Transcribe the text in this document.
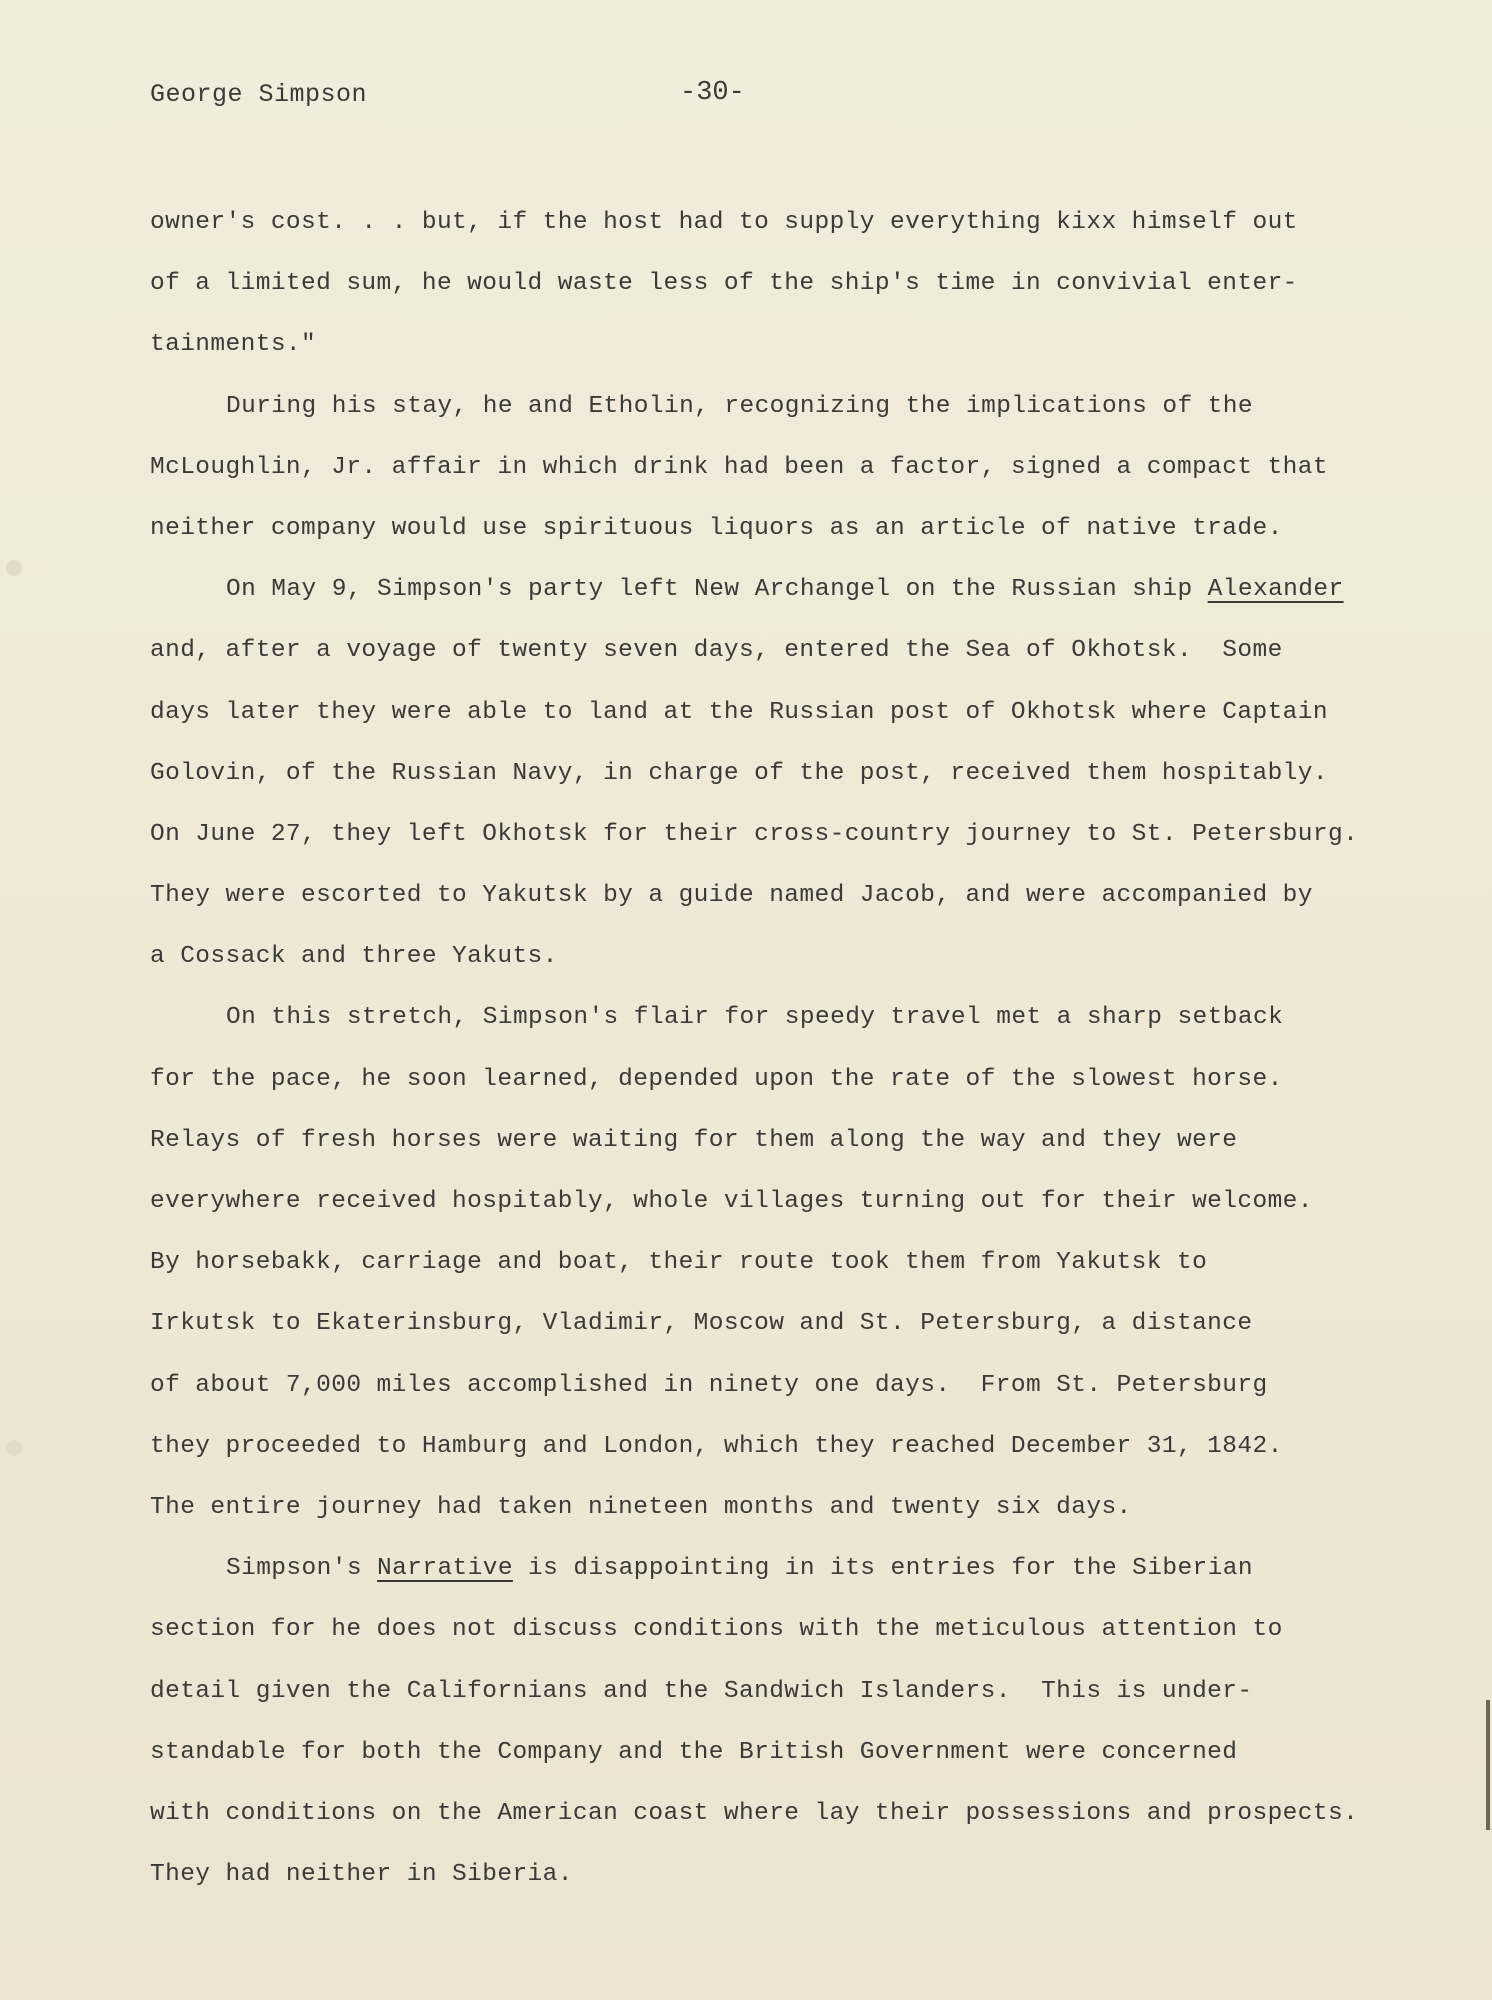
George Simpson	-30-
owner's cost. . . but, if the host had to supply everything kixx himself out
of a limited sum, he would waste less of the ship's time in convivial enter-
tainments."
During his stay, he and Etholin, recognizing the implications of the
McLoughlin, Jr. affair in which drink had been a factor, signed a compact that
neither company would use spirituous liquors as an article of native trade.
On May 9, Simpson's party left New Archangel on the Russian ship Alexander
and, after a voyage of twenty seven days, entered the Sea of Okhotsk.  Some
days later they were able to land at the Russian post of Okhotsk where Captain
Golovin, of the Russian Navy, in charge of the post, received them hospitably.
On June 27, they left Okhotsk for their cross-country journey to St. Petersburg.
They were escorted to Yakutsk by a guide named Jacob, and were accompanied by
a Cossack and three Yakuts.
On this stretch, Simpson's flair for speedy travel met a sharp setback
for the pace, he soon learned, depended upon the rate of the slowest horse.
Relays of fresh horses were waiting for them along the way and they were
everywhere received hospitably, whole villages turning out for their welcome.
By horsebakk, carriage and boat, their route took them from Yakutsk to
Irkutsk to Ekaterinsburg, Vladimir, Moscow and St. Petersburg, a distance
of about 7,000 miles accomplished in ninety one days.  From St. Petersburg
they proceeded to Hamburg and London, which they reached December 31, 1842.
The entire journey had taken nineteen months and twenty six days.
Simpson's Narrative is disappointing in its entries for the Siberian
section for he does not discuss conditions with the meticulous attention to
detail given the Californians and the Sandwich Islanders.  This is under-
standable for both the Company and the British Government were concerned
with conditions on the American coast where lay their possessions and prospects.
They had neither in Siberia.
